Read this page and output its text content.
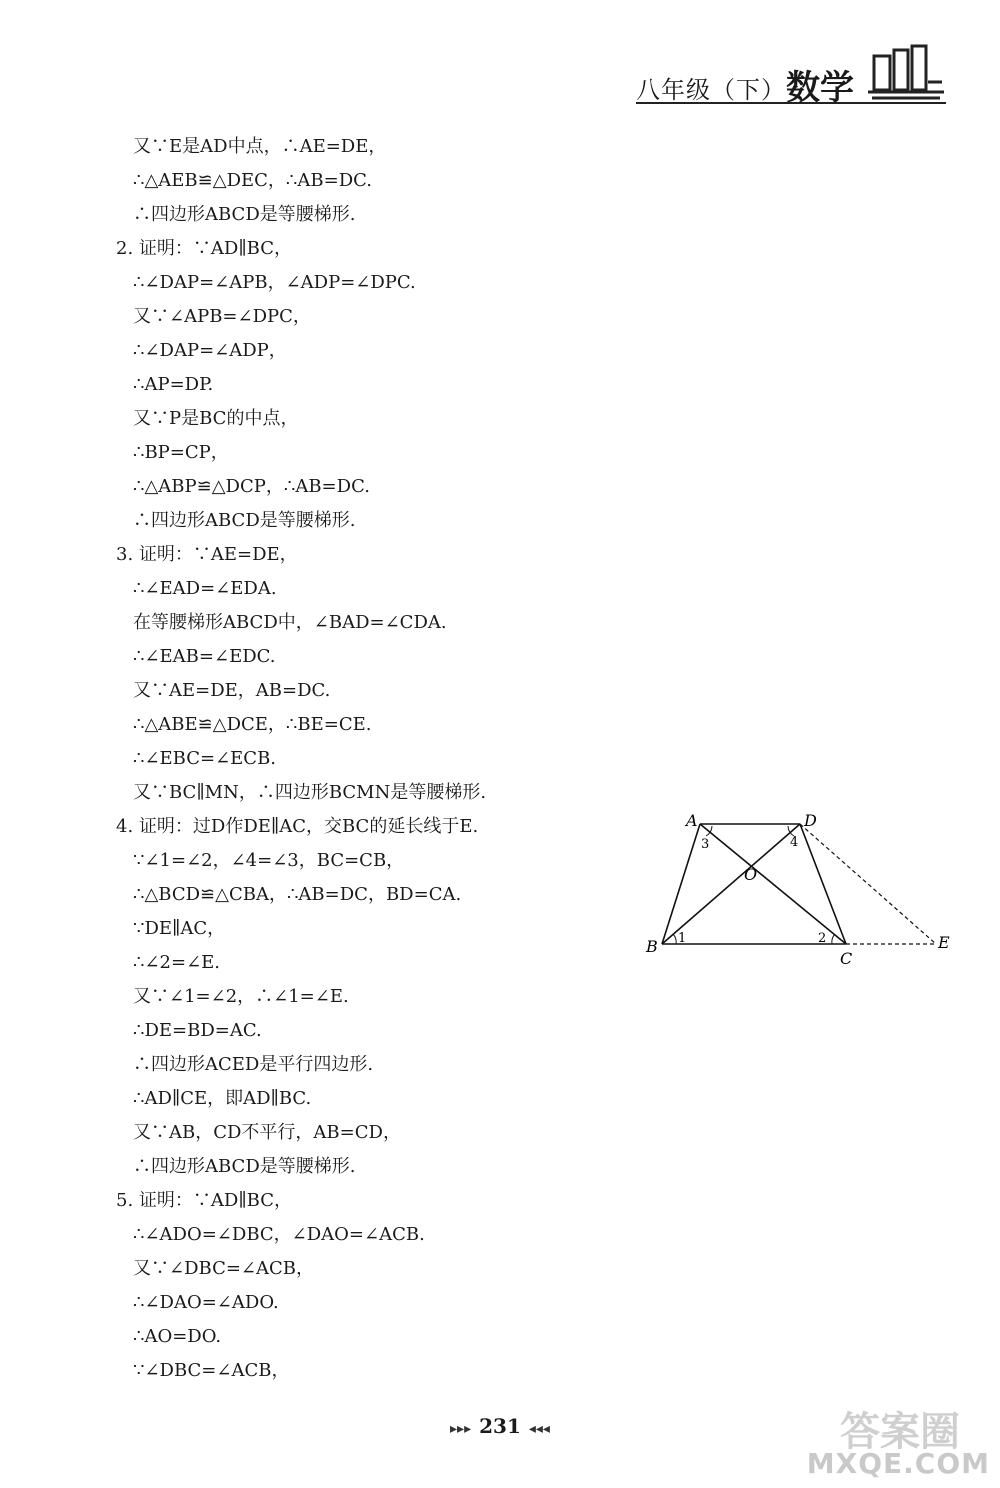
八年级（下） 数学
又∵E是AD中点，∴AE=DE，
∴△AEB≌△DEC，∴AB=DC.
∴四边形ABCD是等腰梯形.
2. 证明：∵AD∥BC，
∴∠DAP=∠APB，∠ADP=∠DPC.
又∵∠APB=∠DPC，
∴∠DAP=∠ADP，
∴AP=DP.
又∵P是BC的中点，
∴BP=CP，
∴△ABP≌△DCP，∴AB=DC.
∴四边形ABCD是等腰梯形.
3. 证明：∵AE=DE，
∴∠EAD=∠EDA.
在等腰梯形ABCD中，∠BAD=∠CDA.
∴∠EAB=∠EDC.
又∵AE=DE，AB=DC.
∴△ABE≌△DCE，∴BE=CE.
∴∠EBC=∠ECB.
又∵BC∥MN，∴四边形BCMN是等腰梯形.
4. 证明：过D作DE∥AC，交BC的延长线于E.
∵∠1=∠2，∠4=∠3，BC=CB，
∴△BCD≌△CBA，∴AB=DC，BD=CA.
∵DE∥AC，
∴∠2=∠E.
又∵∠1=∠2，∴∠1=∠E.
∴DE=BD=AC.
∴四边形ACED是平行四边形.
∴AD∥CE，即AD∥BC.
又∵AB，CD不平行，AB=CD，
∴四边形ABCD是等腰梯形.
5. 证明：∵AD∥BC，
∴∠ADO=∠DBC，∠DAO=∠ACB.
又∵∠DBC=∠ACB，
∴∠DAO=∠ADO.
∴AO=DO.
∵∠DBC=∠ACB，
A	D
B
C
E
O
3	4
1	2
▸▸▸ 231 ◂◂◂	答案圈
MXQE.COM
